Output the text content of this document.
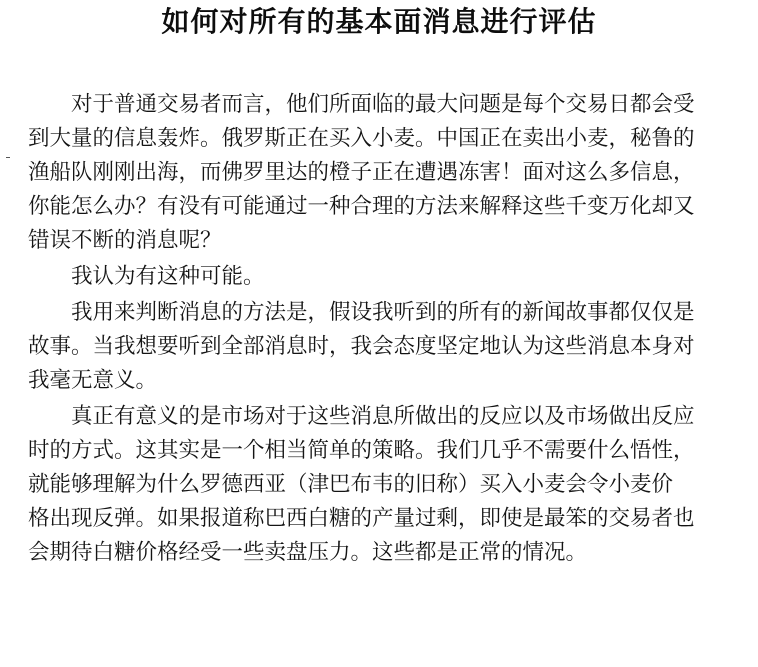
如何对所有的基本面消息进行评估
对于普通交易者而言，他们所面临的最大问题是每个交易日都会受
到大量的信息轰炸。俄罗斯正在买入小麦。中国正在卖出小麦，秘鲁的
渔船队刚刚出海，而佛罗里达的橙子正在遭遇冻害！面对这么多信息，
你能怎么办？有没有可能通过一种合理的方法来解释这些千变万化却又
错误不断的消息呢？
我认为有这种可能。
我用来判断消息的方法是，假设我听到的所有的新闻故事都仅仅是
故事。当我想要听到全部消息时，我会态度坚定地认为这些消息本身对
我毫无意义。
真正有意义的是市场对于这些消息所做出的反应以及市场做出反应
时的方式。这其实是一个相当简单的策略。我们几乎不需要什么悟性，
就能够理解为什么罗德西亚（津巴布韦的旧称）买入小麦会令小麦价
格出现反弹。如果报道称巴西白糖的产量过剩，即使是最笨的交易者也
会期待白糖价格经受一些卖盘压力。这些都是正常的情况。
